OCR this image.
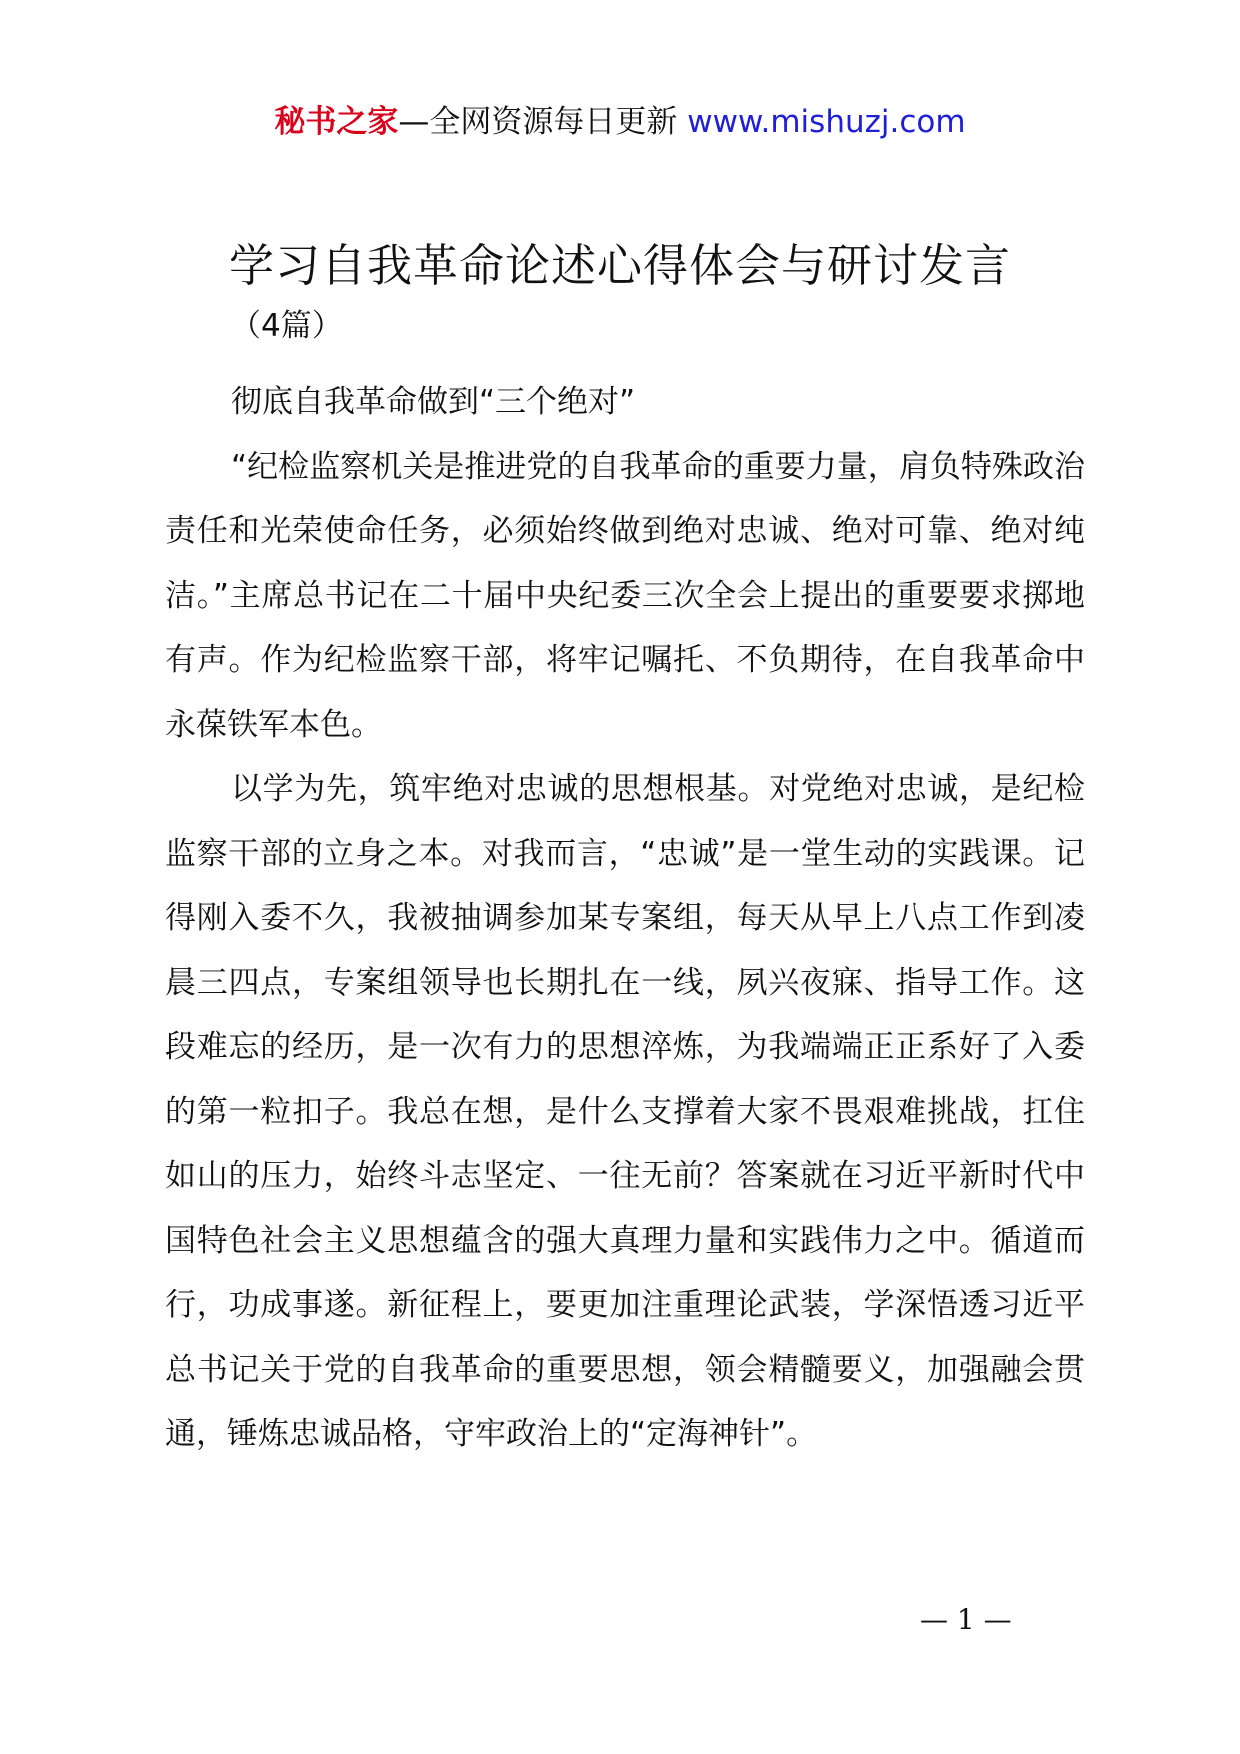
秘书之家—全网资源每日更新 www.mishuzj.com
学习自我革命论述心得体会与研讨发言
（4篇）

彻底自我革命做到“三个绝对”

“纪检监察机关是推进党的自我革命的重要力量，肩负特殊政治责任和光荣使命任务，必须始终做到绝对忠诚、绝对可靠、绝对纯洁。”主席总书记在二十届中央纪委三次全会上提出的重要要求掷地有声。作为纪检监察干部，将牢记嘱托、不负期待，在自我革命中永葆铁军本色。

以学为先，筑牢绝对忠诚的思想根基。对党绝对忠诚，是纪检监察干部的立身之本。对我而言，“忠诚”是一堂生动的实践课。记得刚入委不久，我被抽调参加某专案组，每天从早上八点工作到凌晨三四点，专案组领导也长期扎在一线，夙兴夜寐、指导工作。这段难忘的经历，是一次有力的思想淬炼，为我端端正正系好了入委的第一粒扣子。我总在想，是什么支撑着大家不畏艰难挑战，扛住如山的压力，始终斗志坚定、一往无前？答案就在习近平新时代中国特色社会主义思想蕴含的强大真理力量和实践伟力之中。循道而行，功成事遂。新征程上，要更加注重理论武装，学深悟透习近平总书记关于党的自我革命的重要思想，领会精髓要义，加强融会贯通，锤炼忠诚品格，守牢政治上的“定海神针”。

— 1 —
